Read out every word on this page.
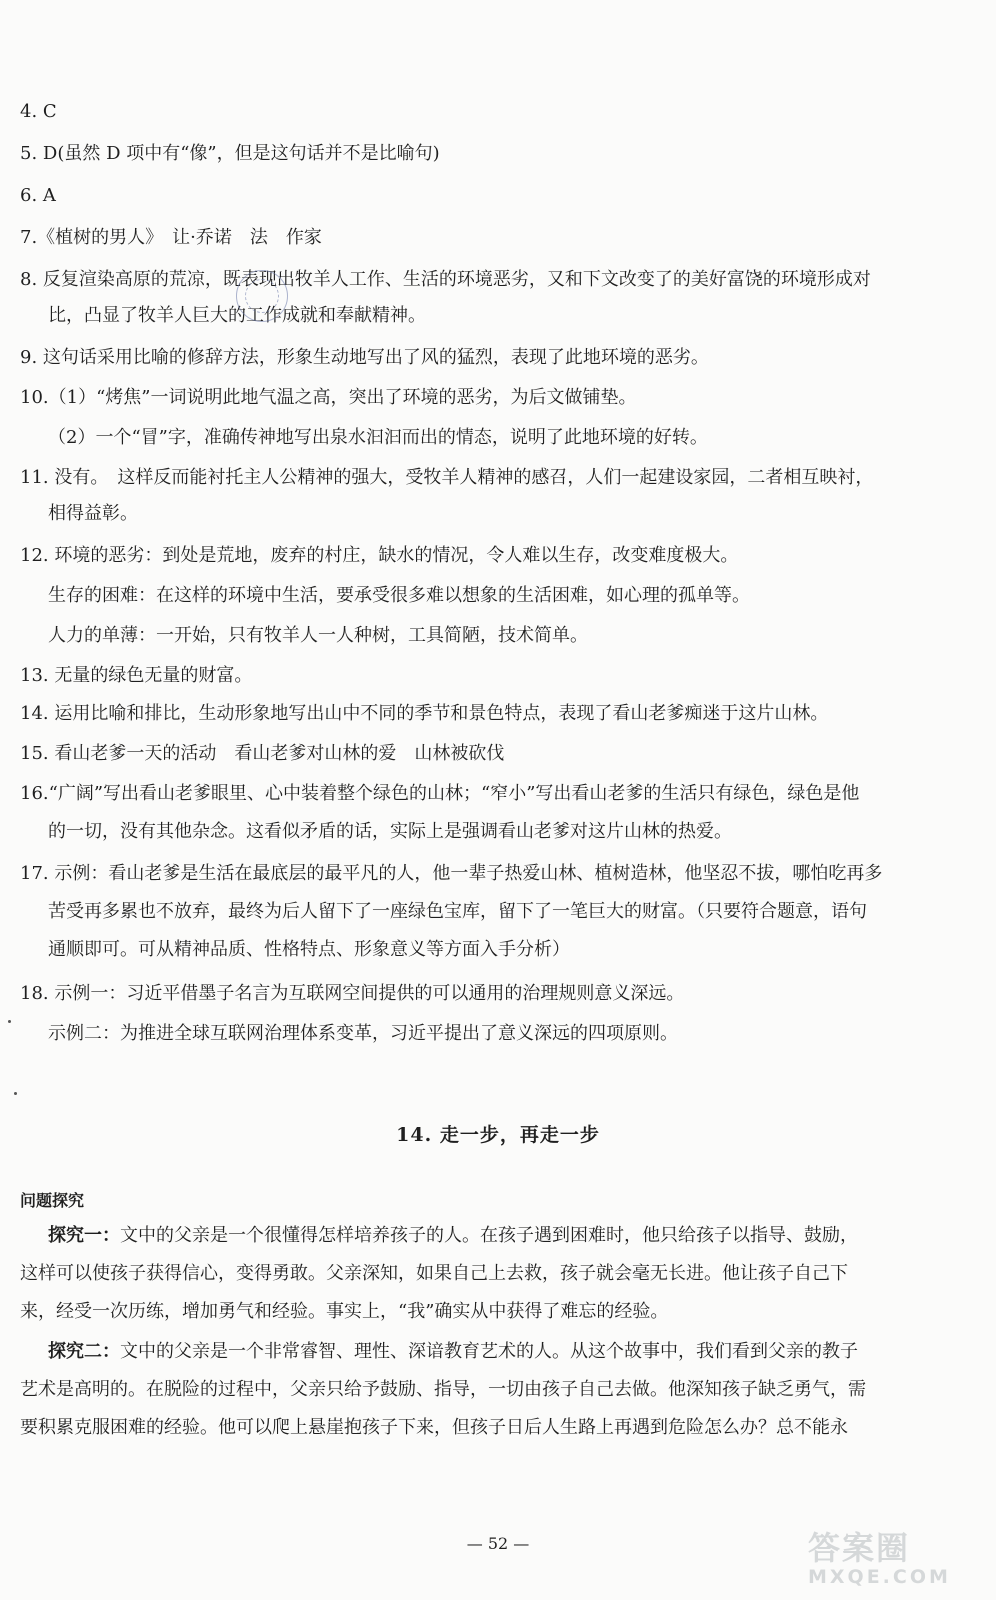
4. C
5. D(虽然 D 项中有“像”，但是这句话并不是比喻句)
6. A
7.《植树的男人》　让·乔诺　法　作家
8. 反复渲染高原的荒凉，既表现出牧羊人工作、生活的环境恶劣，又和下文改变了的美好富饶的环境形成对
比，凸显了牧羊人巨大的工作成就和奉献精神。
9. 这句话采用比喻的修辞方法，形象生动地写出了风的猛烈，表现了此地环境的恶劣。
10.（1）“烤焦”一词说明此地气温之高，突出了环境的恶劣，为后文做铺垫。
（2）一个“冒”字，准确传神地写出泉水汩汩而出的情态，说明了此地环境的好转。
11. 没有。　这样反而能衬托主人公精神的强大，受牧羊人精神的感召，人们一起建设家园，二者相互映衬，
相得益彰。
12. 环境的恶劣：到处是荒地，废弃的村庄，缺水的情况，令人难以生存，改变难度极大。
生存的困难：在这样的环境中生活，要承受很多难以想象的生活困难，如心理的孤单等。
人力的单薄：一开始，只有牧羊人一人种树，工具简陋，技术简单。
13. 无量的绿色无量的财富。
14. 运用比喻和排比，生动形象地写出山中不同的季节和景色特点，表现了看山老爹痴迷于这片山林。
15. 看山老爹一天的活动　看山老爹对山林的爱　山林被砍伐
16.“广阔”写出看山老爹眼里、心中装着整个绿色的山林；“窄小”写出看山老爹的生活只有绿色，绿色是他
的一切，没有其他杂念。这看似矛盾的话，实际上是强调看山老爹对这片山林的热爱。
17. 示例：看山老爹是生活在最底层的最平凡的人，他一辈子热爱山林、植树造林，他坚忍不拔，哪怕吃再多
苦受再多累也不放弃，最终为后人留下了一座绿色宝库，留下了一笔巨大的财富。（只要符合题意，语句
通顺即可。可从精神品质、性格特点、形象意义等方面入手分析）
18. 示例一：习近平借墨子名言为互联网空间提供的可以通用的治理规则意义深远。
示例二：为推进全球互联网治理体系变革，习近平提出了意义深远的四项原则。
14. 走一步，再走一步
问题探究
探究一：文中的父亲是一个很懂得怎样培养孩子的人。在孩子遇到困难时，他只给孩子以指导、鼓励，
这样可以使孩子获得信心，变得勇敢。父亲深知，如果自己上去救，孩子就会毫无长进。他让孩子自己下
来，经受一次历练，增加勇气和经验。事实上，“我”确实从中获得了难忘的经验。
探究二：文中的父亲是一个非常睿智、理性、深谙教育艺术的人。从这个故事中，我们看到父亲的教子
艺术是高明的。在脱险的过程中，父亲只给予鼓励、指导，一切由孩子自己去做。他深知孩子缺乏勇气，需
要积累克服困难的经验。他可以爬上悬崖抱孩子下来，但孩子日后人生路上再遇到危险怎么办？总不能永
— 52 —	答案圈
MXQE.COM
